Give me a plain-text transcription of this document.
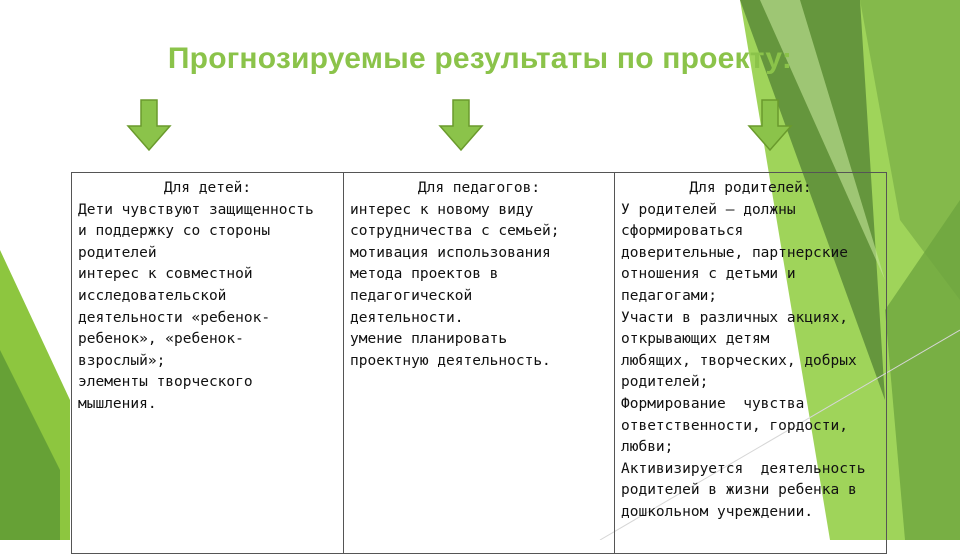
Прогнозируемые результаты по проекту:
Для детей:
Дети чувствуют защищенность
и поддержку со стороны
родителей
интерес к совместной
исследовательской
деятельности «ребенок-
ребенок», «ребенок-
взрослый»;
элементы творческого
мышления.
Для педагогов:
интерес к новому виду
сотрудничества с семьей;
мотивация использования
метода проектов в
педагогической
деятельности.
умение планировать
проектную деятельность.
Для родителей:
У родителей – должны
сформироваться
доверительные, партнерские
отношения с детьми и
педагогами;
Участи в различных акциях,
открывающих детям
любящих, творческих, добрых
родителей;
Формирование  чувства
ответственности, гордости,
любви;
Активизируется  деятельность
родителей в жизни ребенка в
дошкольном учреждении.
